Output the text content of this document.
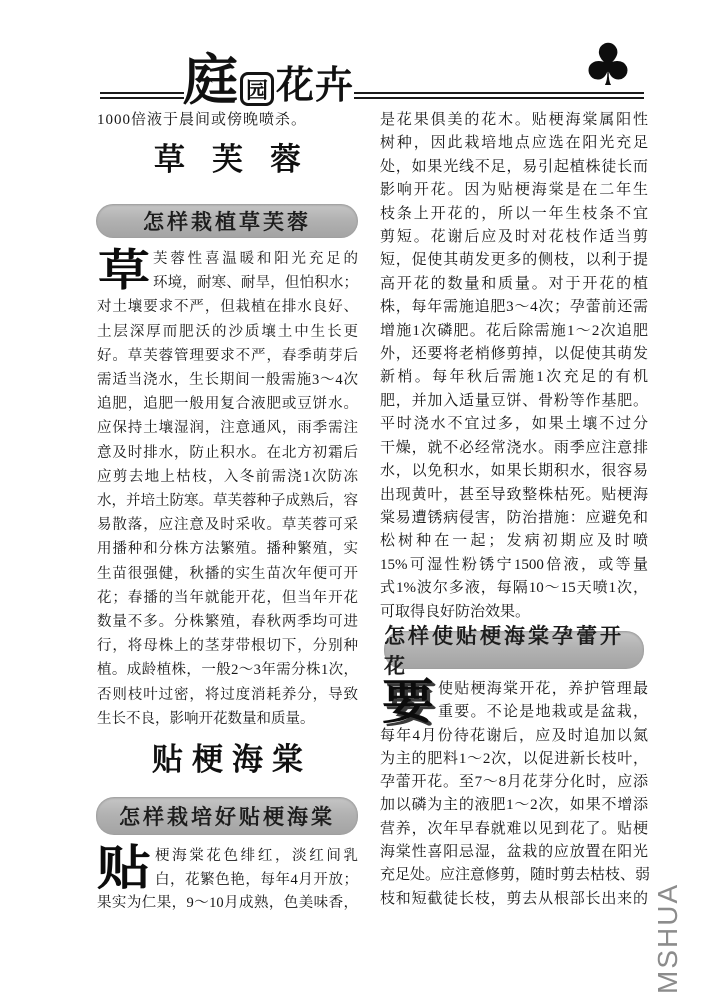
庭 园 花卉	♣
1000倍液于晨间或傍晚喷杀。
草芙蓉
怎样栽植草芙蓉
草 芙蓉性喜温暖和阳光充足的
环境，耐寒、耐旱，但怕积水；
对土壤要求不严，但栽植在排水良好、
土层深厚而肥沃的沙质壤土中生长更
好。草芙蓉管理要求不严，春季萌芽后
需适当浇水，生长期间一般需施3～4次
追肥，追肥一般用复合液肥或豆饼水。
应保持土壤湿润，注意通风，雨季需注
意及时排水，防止积水。在北方初霜后
应剪去地上枯枝，入冬前需浇1次防冻
水，并培土防寒。草芙蓉种子成熟后，容
易散落，应注意及时采收。草芙蓉可采
用播种和分株方法繁殖。播种繁殖，实
生苗很强健，秋播的实生苗次年便可开
花；春播的当年就能开花，但当年开花
数量不多。分株繁殖，春秋两季均可进
行，将母株上的茎芽带根切下，分别种
植。成龄植株，一般2～3年需分株1次，
否则枝叶过密，将过度消耗养分，导致
生长不良，影响开花数量和质量。
贴梗海棠
怎样栽培好贴梗海棠
贴 梗海棠花色绯红，淡红间乳
白，花繁色艳，每年4月开放；
果实为仁果，9～10月成熟，色美味香，
是花果俱美的花木。贴梗海棠属阳性
树种，因此栽培地点应选在阳光充足
处，如果光线不足，易引起植株徒长而
影响开花。因为贴梗海棠是在二年生
枝条上开花的，所以一年生枝条不宜
剪短。花谢后应及时对花枝作适当剪
短，促使其萌发更多的侧枝，以利于提
高开花的数量和质量。对于开花的植
株，每年需施追肥3～4次；孕蕾前还需
增施1次磷肥。花后除需施1～2次追肥
外，还要将老梢修剪掉，以促使其萌发
新梢。每年秋后需施1次充足的有机
肥，并加入适量豆饼、骨粉等作基肥。
平时浇水不宜过多，如果土壤不过分
干燥，就不必经常浇水。雨季应注意排
水，以免积水，如果长期积水，很容易
出现黄叶，甚至导致整株枯死。贴梗海
棠易遭锈病侵害，防治措施：应避免和
松树种在一起；发病初期应及时喷
15%可湿性粉锈宁1500倍液，或等量
式1%波尔多液，每隔10～15天喷1次，
可取得良好防治效果。
怎样使贴梗海棠孕蕾开花
要 使贴梗海棠开花，养护管理最
重要。不论是地栽或是盆栽，
每年4月份待花谢后，应及时追加以氮
为主的肥料1～2次，以促进新长枝叶，
孕蕾开花。至7～8月花芽分化时，应添
加以磷为主的液肥1～2次，如果不增添
营养，次年早春就难以见到花了。贴梗
海棠性喜阳忌湿，盆栽的应放置在阳光
充足处。应注意修剪，随时剪去枯枝、弱
枝和短截徒长枝，剪去从根部长出来的 MSHUA
